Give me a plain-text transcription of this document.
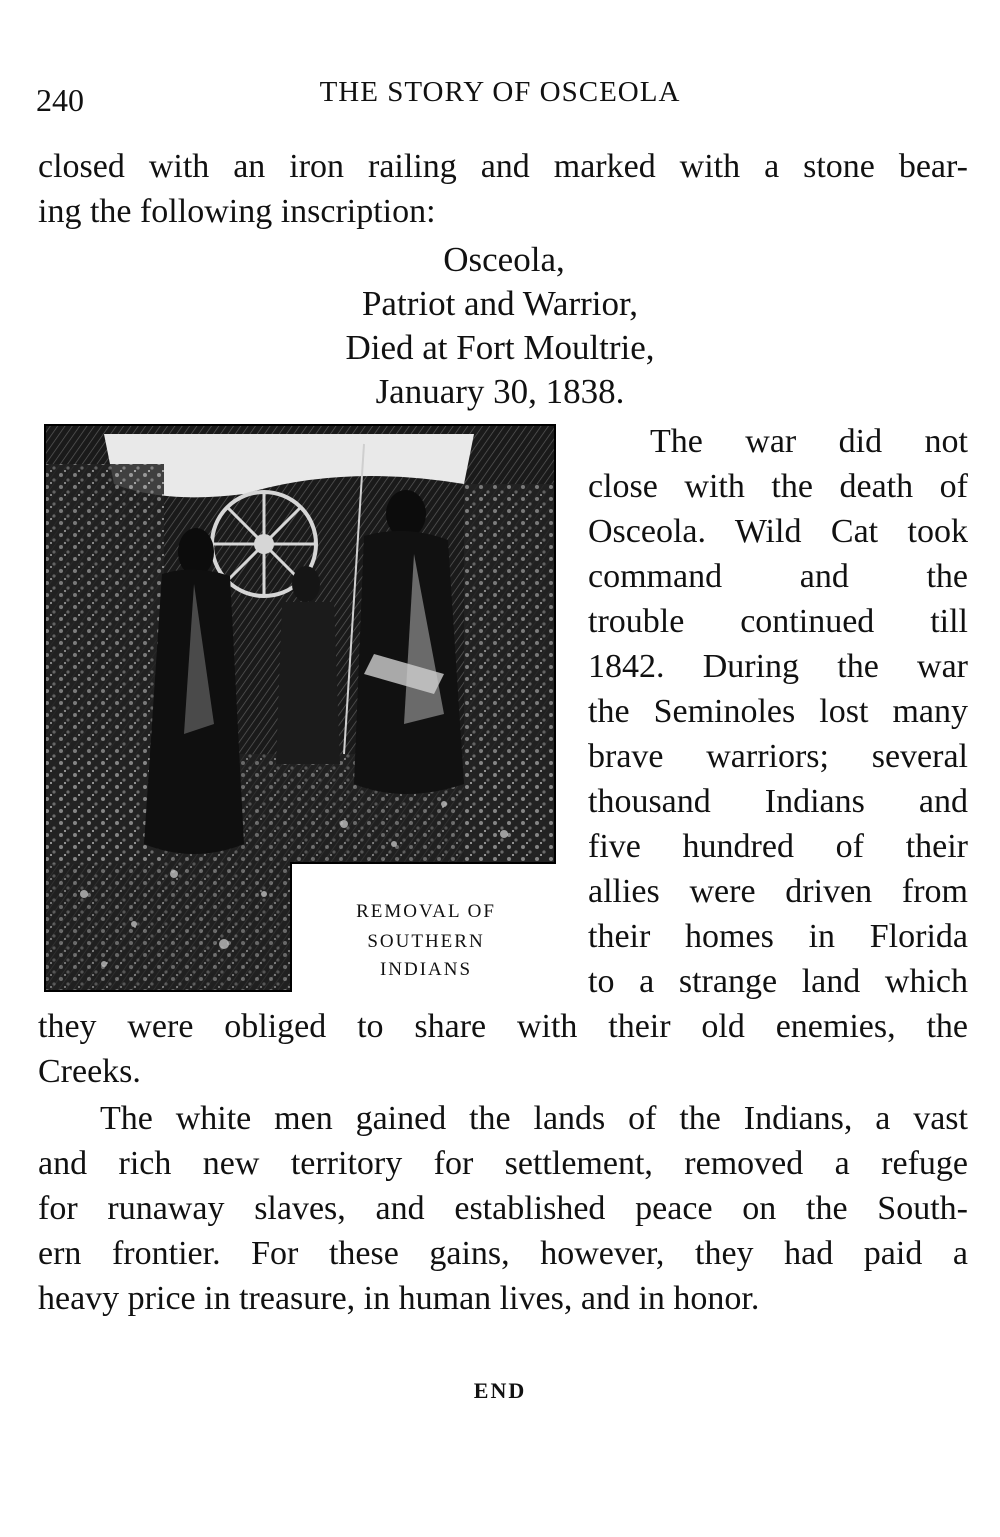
240	THE STORY OF OSCEOLA
closed with an iron railing and marked with a stone bear-
ing the following inscription:
Osceola,
Patriot and Warrior,
Died at Fort Moultrie,
January 30, 1838.
REMOVAL OF
SOUTHERN
INDIANS
The war did not
close with the death of
Osceola. Wild Cat took
command and the
trouble continued till
1842. During the war
the Seminoles lost many
brave warriors; several
thousand Indians and
five hundred of their
allies were driven from
their homes in Florida
to a strange land which
they were obliged to share with their old enemies, the
Creeks.
The white men gained the lands of the Indians, a vast
and rich new territory for settlement, removed a refuge
for runaway slaves, and established peace on the South-
ern frontier. For these gains, however, they had paid a
heavy price in treasure, in human lives, and in honor.
END
